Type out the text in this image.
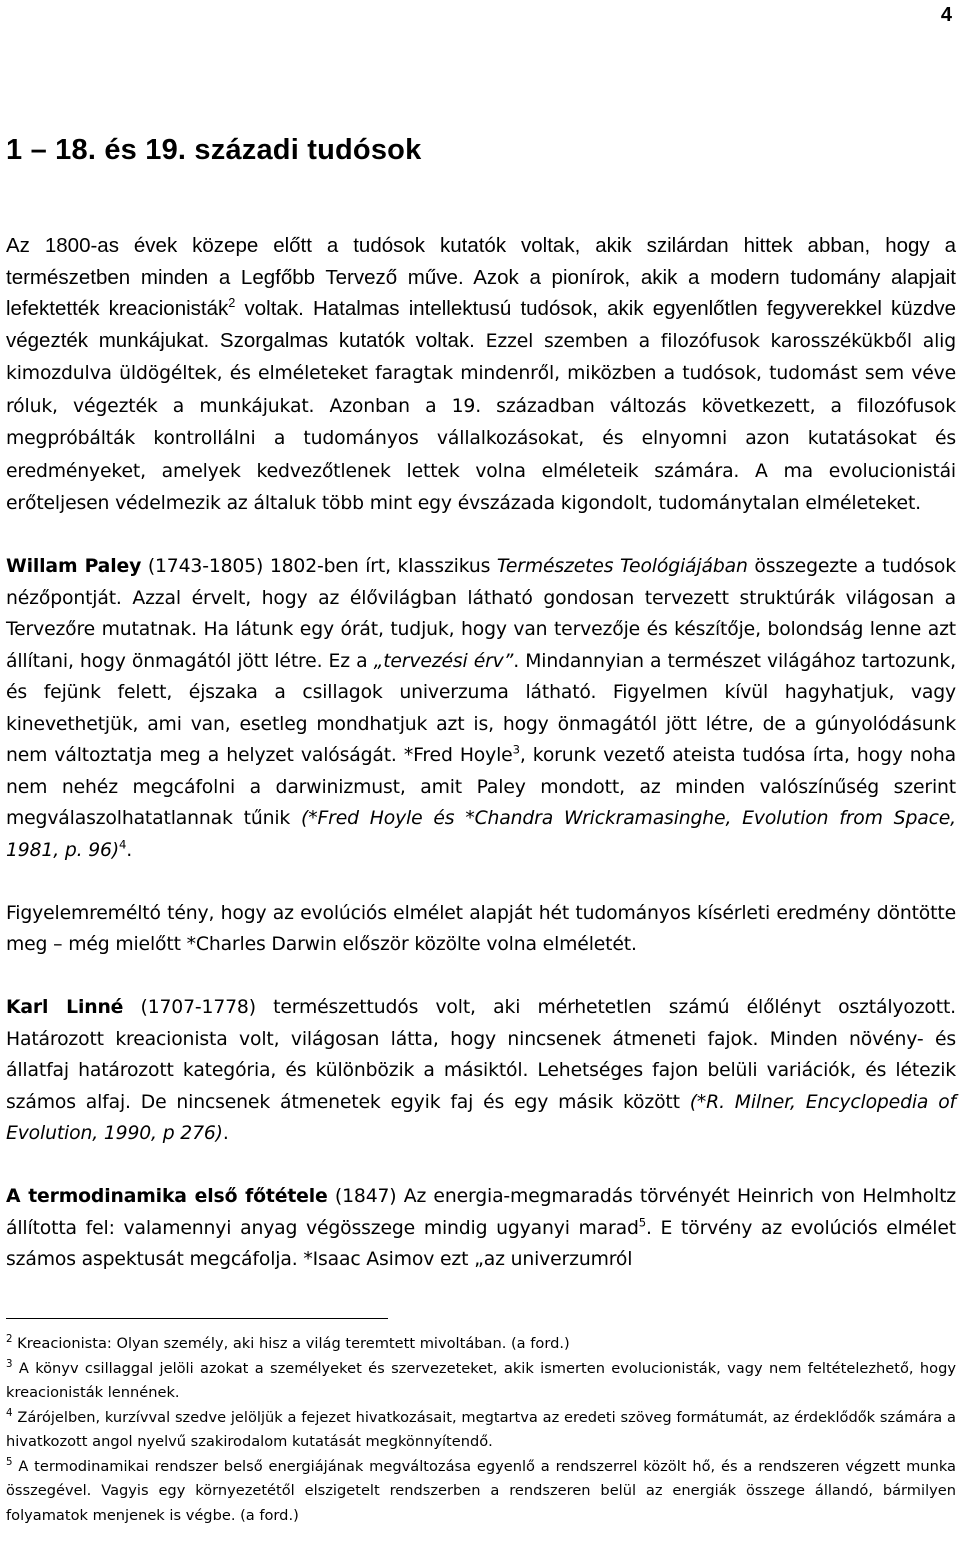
4
1 – 18. és 19. századi tudósok

Az 1800-as évek közepe előtt a tudósok kutatók voltak, akik szilárdan hittek abban, hogy a természetben minden a Legfőbb Tervező műve. Azok a pionírok, akik a modern tudomány alapjait lefektették kreacionisták$^2$ voltak. Hatalmas intellektusú tudósok, akik egyenlőtlen fegyverekkel küzdve végezték munkájukat. Szorgalmas kutatók voltak. Ezzel szemben a filozófusok karosszékükből alig kimozdulva üldögéltek, és elméleteket faragtak mindenről, miközben a tudósok, tudomást sem véve róluk, végezték a munkájukat. Azonban a 19. században változás következett, a filozófusok megpróbálták kontrollálni a tudományos vállalkozásokat, és elnyomni azon kutatásokat és eredményeket, amelyek kedvezőtlenek lettek volna elméleteik számára. A ma evolucionistái erőteljesen védelmezik az általuk több mint egy évszázada kigondolt, tudománytalan elméleteket.

Willam Paley (1743-1805) 1802-ben írt, klasszikus Természetes Teológiájában összegezte a tudósok nézőpontját. Azzal érvelt, hogy az élővilágban látható gondosan tervezett struktúrák világosan a Tervezőre mutatnak. Ha látunk egy órát, tudjuk, hogy van tervezője és készítője, bolondság lenne azt állítani, hogy önmagától jött létre. Ez a „tervezési érv”. Mindannyian a természet világához tartozunk, és fejünk felett, éjszaka a csillagok univerzuma látható. Figyelmen kívül hagyhatjuk, vagy kinevethetjük, ami van, esetleg mondhatjuk azt is, hogy önmagától jött létre, de a gúnyolódásunk nem változtatja meg a helyzet valóságát. *Fred Hoyle$^3$, korunk vezető ateista tudósa írta, hogy noha nem nehéz megcáfolni a darwinizmust, amit Paley mondott, az minden valószínűség szerint megválaszolhatatlannak tűnik (*Fred Hoyle és *Chandra Wrickramasinghe, Evolution from Space, 1981, p. 96)$^4$.

Figyelemreméltó tény, hogy az evolúciós elmélet alapját hét tudományos kísérleti eredmény döntötte meg – még mielőtt *Charles Darwin először közölte volna elméletét.

Karl Linné (1707-1778) természettudós volt, aki mérhetetlen számú élőlényt osztályozott. Határozott kreacionista volt, világosan látta, hogy nincsenek átmeneti fajok. Minden növény- és állatfaj határozott kategória, és különbözik a másiktól. Lehetséges fajon belüli variációk, és létezik számos alfaj. De nincsenek átmenetek egyik faj és egy másik között (*R. Milner, Encyclopedia of Evolution, 1990, p 276).

A termodinamika első főtétele (1847) Az energia-megmaradás törvényét Heinrich von Helmholtz állította fel: valamennyi anyag végösszege mindig ugyanyi marad$^5$. E törvény az evolúciós elmélet számos aspektusát megcáfolja. *Isaac Asimov ezt „az univerzumról

$^2$ Kreacionista: Olyan személy, aki hisz a világ teremtett mivoltában. (a ford.)

$^3$ A könyv csillaggal jelöli azokat a személyeket és szervezeteket, akik ismerten evolucionisták, vagy nem feltételezhető, hogy kreacionisták lennének.

$^4$ Zárójelben, kurzívval szedve jelöljük a fejezet hivatkozásait, megtartva az eredeti szöveg formátumát, az érdeklődők számára a hivatkozott angol nyelvű szakirodalom kutatását megkönnyítendő.

$^5$ A termodinamikai rendszer belső energiájának megváltozása egyenlő a rendszerrel közölt hő, és a rendszeren végzett munka összegével. Vagyis egy környezetétől elszigetelt rendszerben a rendszeren belül az energiák összege állandó, bármilyen folyamatok menjenek is végbe. (a ford.)
